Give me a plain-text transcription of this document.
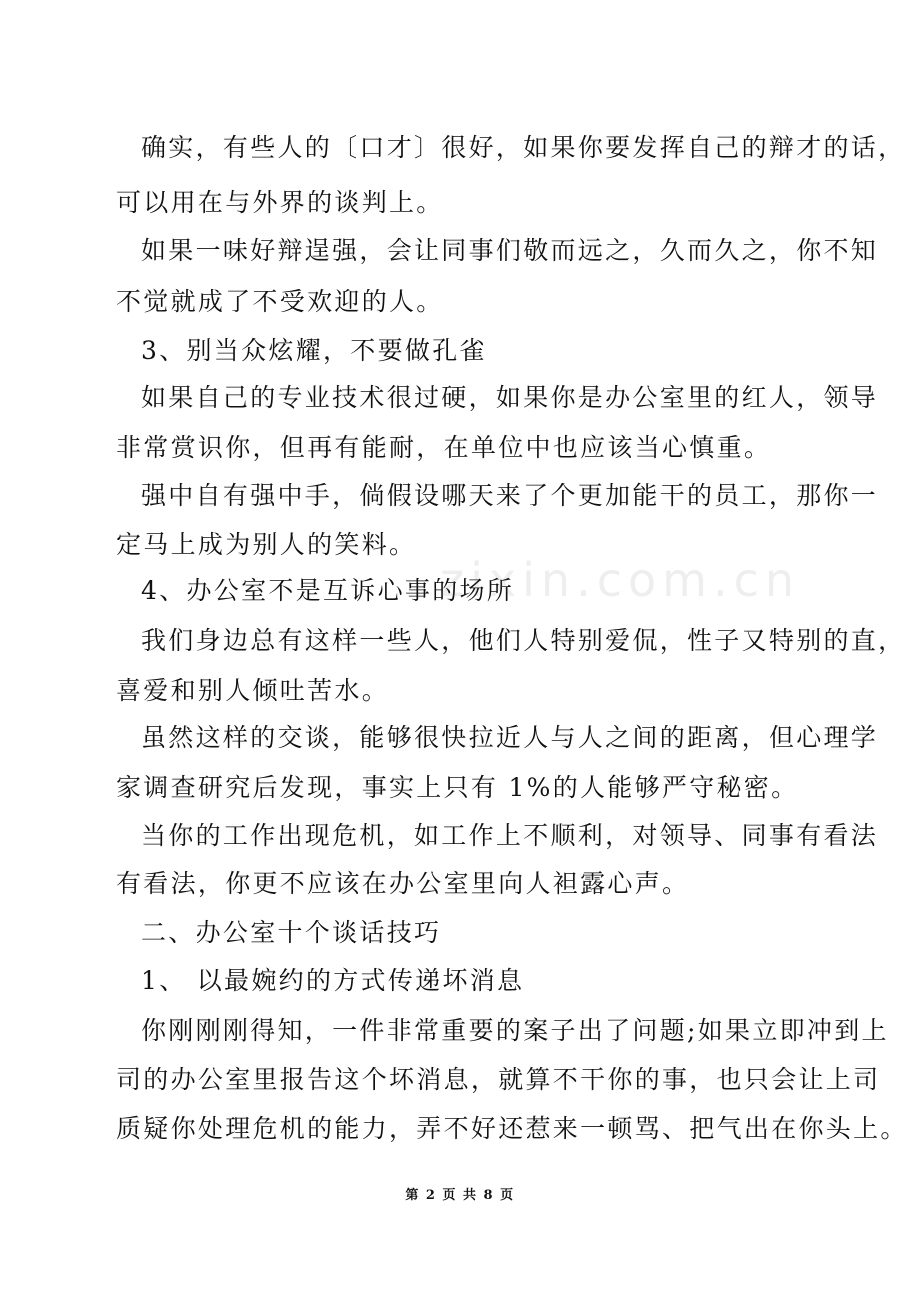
确实，有些人的〔口才〕很好，如果你要发挥自己的辩才的话，
可以用在与外界的谈判上。
如果一味好辩逞强，会让同事们敬而远之，久而久之，你不知
不觉就成了不受欢迎的人。
3、别当众炫耀，不要做孔雀
如果自己的专业技术很过硬，如果你是办公室里的红人，领导
非常赏识你，但再有能耐，在单位中也应该当心慎重。
强中自有强中手，倘假设哪天来了个更加能干的员工，那你一
定马上成为别人的笑料。
4、办公室不是互诉心事的场所
我们身边总有这样一些人，他们人特别爱侃，性子又特别的直，
喜爱和别人倾吐苦水。
虽然这样的交谈，能够很快拉近人与人之间的距离，但心理学
家调查研究后发现，事实上只有 1%的人能够严守秘密。
当你的工作出现危机，如工作上不顺利，对领导、同事有看法
有看法，你更不应该在办公室里向人袒露心声。
二、办公室十个谈话技巧
1、 以最婉约的方式传递坏消息
你刚刚刚得知，一件非常重要的案子出了问题;如果立即冲到上
司的办公室里报告这个坏消息，就算不干你的事，也只会让上司
质疑你处理危机的能力，弄不好还惹来一顿骂、把气出在你头上。
zixin.com.cn
第 2 页 共 8 页
